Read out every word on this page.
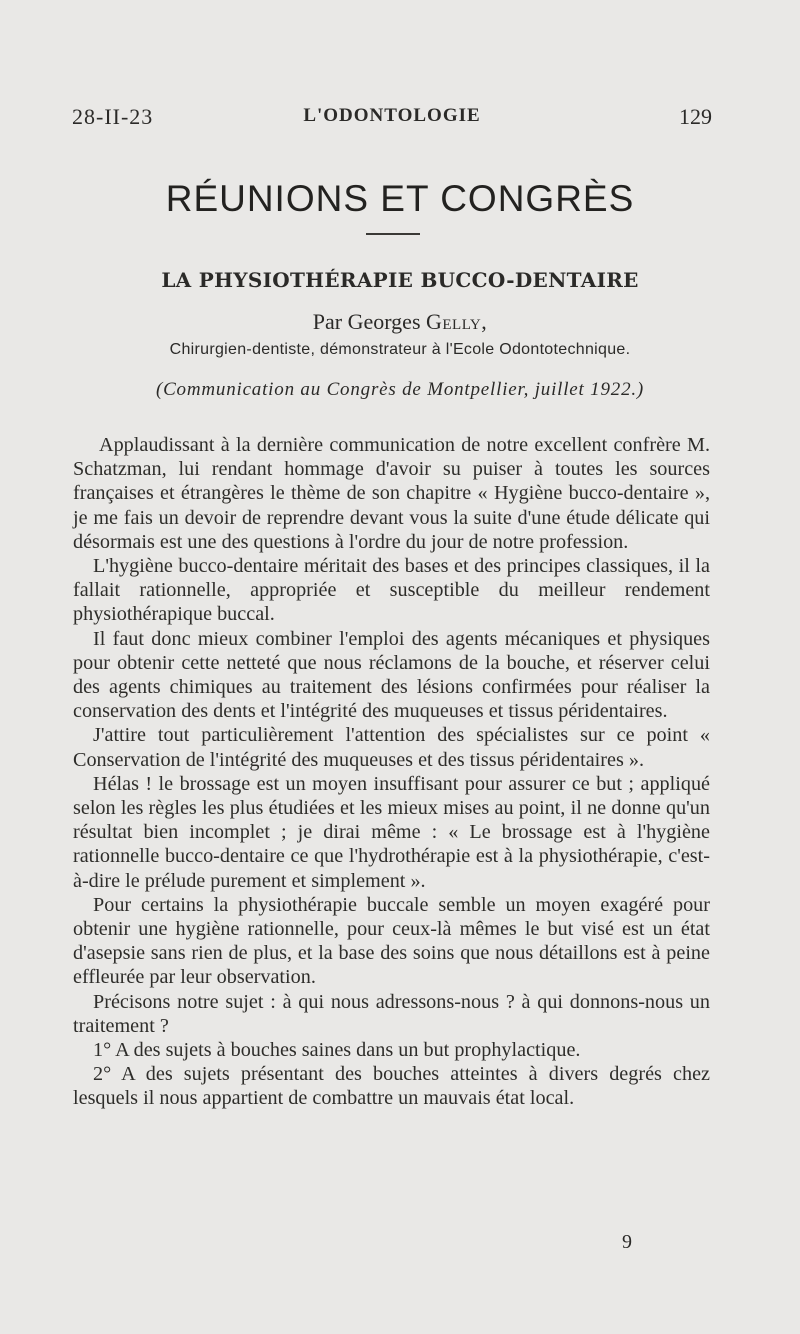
28-II-23	L'ODONTOLOGIE	129
RÉUNIONS ET CONGRÈS
LA PHYSIOTHÉRAPIE BUCCO-DENTAIRE
Par Georges Gelly,
Chirurgien-dentiste, démonstrateur à l'Ecole Odontotechnique.
(Communication au Congrès de Montpellier, juillet 1922.)

Applaudissant à la dernière communication de notre excellent confrère M. Schatzman, lui rendant hommage d'avoir su puiser à toutes les sources françaises et étrangères le thème de son chapitre « Hygiène bucco-dentaire », je me fais un devoir de reprendre devant vous la suite d'une étude délicate qui désormais est une des questions à l'ordre du jour de notre profession.

L'hygiène bucco-dentaire méritait des bases et des principes classiques, il la fallait rationnelle, appropriée et susceptible du meilleur rendement physiothérapique buccal.

Il faut donc mieux combiner l'emploi des agents mécaniques et physiques pour obtenir cette netteté que nous réclamons de la bouche, et réserver celui des agents chimiques au traitement des lésions confirmées pour réaliser la conservation des dents et l'intégrité des muqueuses et tissus péridentaires.

J'attire tout particulièrement l'attention des spécialistes sur ce point « Conservation de l'intégrité des muqueuses et des tissus péridentaires ».

Hélas ! le brossage est un moyen insuffisant pour assurer ce but ; appliqué selon les règles les plus étudiées et les mieux mises au point, il ne donne qu'un résultat bien incomplet ; je dirai même : « Le brossage est à l'hygiène rationnelle bucco-dentaire ce que l'hydrothérapie est à la physiothérapie, c'est-à-dire le prélude purement et simplement ».

Pour certains la physiothérapie buccale semble un moyen exagéré pour obtenir une hygiène rationnelle, pour ceux-là mêmes le but visé est un état d'asepsie sans rien de plus, et la base des soins que nous détaillons est à peine effleurée par leur observation.

Précisons notre sujet : à qui nous adressons-nous ? à qui donnons-nous un traitement ?

1° A des sujets à bouches saines dans un but prophylactique.

2° A des sujets présentant des bouches atteintes à divers degrés chez lesquels il nous appartient de combattre un mauvais état local.

9
